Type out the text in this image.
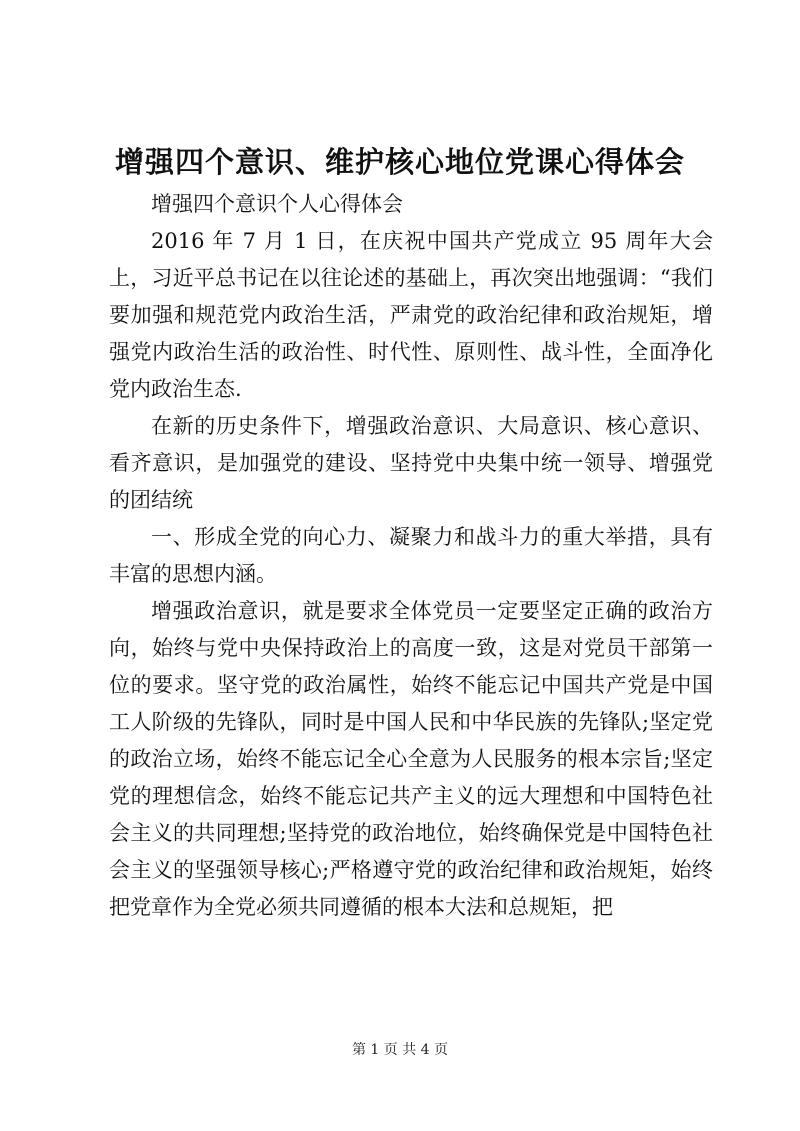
增强四个意识、维护核心地位党课心得体会

增强四个意识个人心得体会

2016 年 7 月 1 日，在庆祝中国共产党成立 95 周年大会上，习近平总书记在以往论述的基础上，再次突出地强调：“我们要加强和规范党内政治生活，严肃党的政治纪律和政治规矩，增强党内政治生活的政治性、时代性、原则性、战斗性，全面净化党内政治生态.

在新的历史条件下，增强政治意识、大局意识、核心意识、看齐意识，是加强党的建设、坚持党中央集中统一领导、增强党的团结统

一、形成全党的向心力、凝聚力和战斗力的重大举措，具有丰富的思想内涵。

增强政治意识，就是要求全体党员一定要坚定正确的政治方向，始终与党中央保持政治上的高度一致，这是对党员干部第一位的要求。坚守党的政治属性，始终不能忘记中国共产党是中国工人阶级的先锋队，同时是中国人民和中华民族的先锋队;坚定党的政治立场，始终不能忘记全心全意为人民服务的根本宗旨;坚定党的理想信念，始终不能忘记共产主义的远大理想和中国特色社会主义的共同理想;坚持党的政治地位，始终确保党是中国特色社会主义的坚强领导核心;严格遵守党的政治纪律和政治规矩，始终把党章作为全党必须共同遵循的根本大法和总规矩，把

第 1 页 共 4 页
